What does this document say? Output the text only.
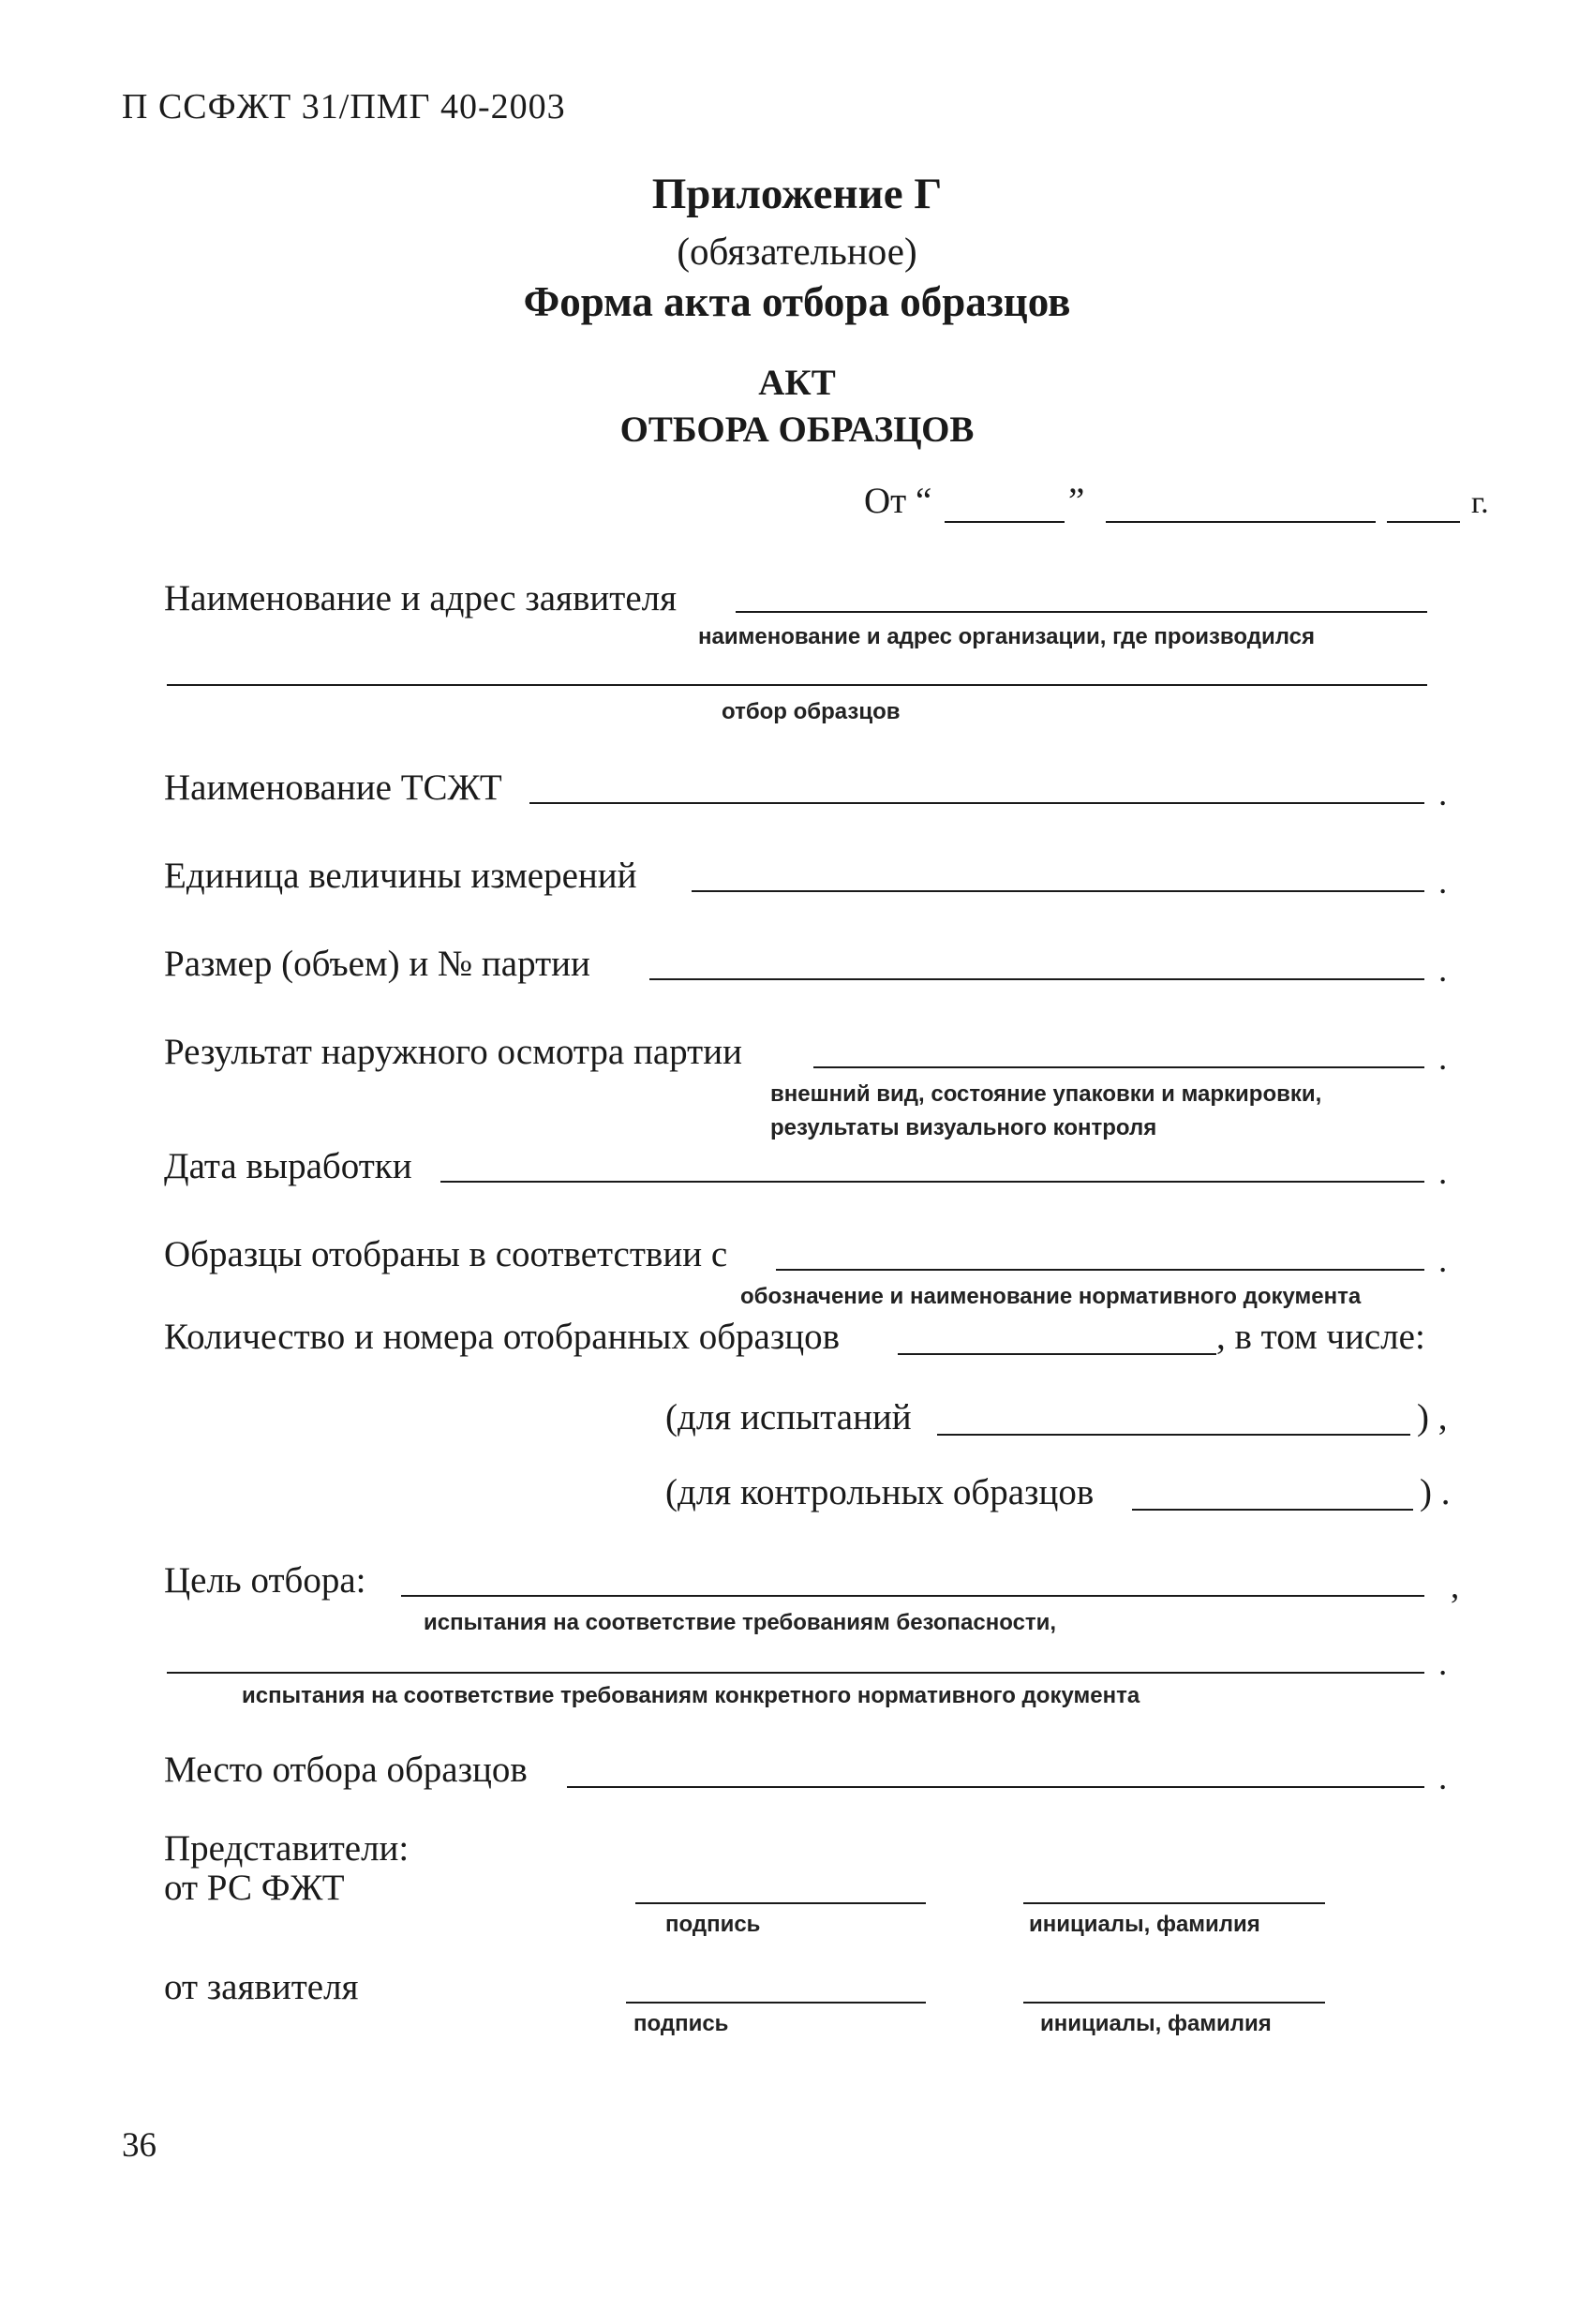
П ССФЖТ 31/ПМГ 40-2003
Приложение Г
(обязательное)
Форма акта отбора образцов
АКТ
ОТБОРА ОБРАЗЦОВ
От “	”	г.
Наименование и адрес заявителя
наименование и адрес организации, где производился
отбор образцов
Наименование ТСЖТ	.
Единица величины измерений	.
Размер (объем) и № партии	.
Результат наружного осмотра партии	.
внешний вид, состояние упаковки и маркировки,
результаты визуального контроля
Дата выработки	.
Образцы отобраны в соответствии с	.
обозначение и наименование нормативного документа
Количество и номера отобранных образцов	, в том числе:
(для испытаний	) ,
(для контрольных образцов	) .
Цель отбора:	,
испытания на соответствие требованиям безопасности,
.
испытания на соответствие требованиям конкретного нормативного документа
Место отбора образцов	.
Представители:
от РС ФЖТ
подпись	инициалы, фамилия
от заявителя
подпись	инициалы, фамилия
36
